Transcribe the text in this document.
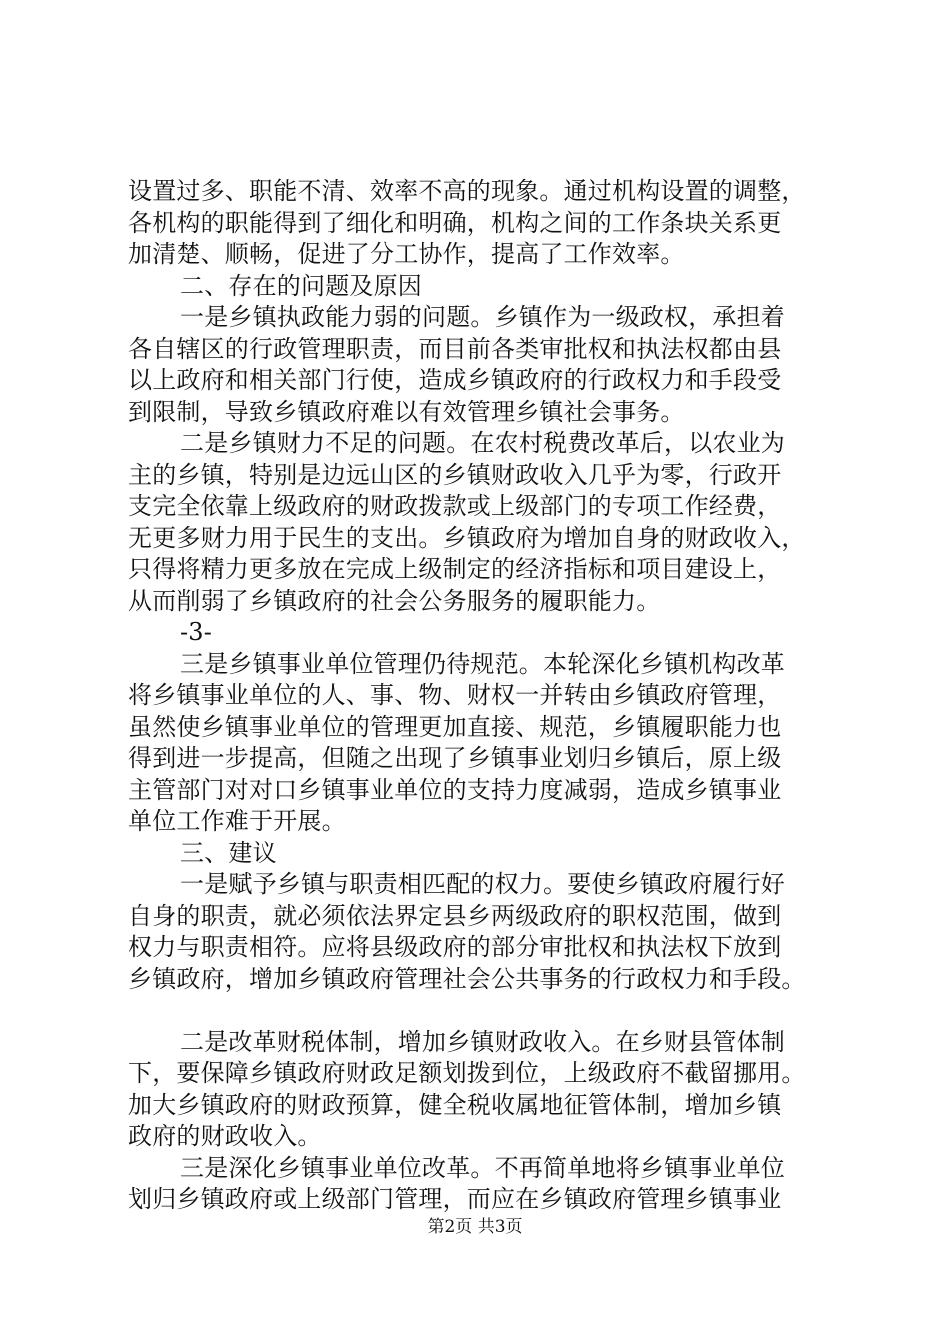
设置过多、职能不清、效率不高的现象。通过机构设置的调整，
各机构的职能得到了细化和明确，机构之间的工作条块关系更
加清楚、顺畅，促进了分工协作，提高了工作效率。
二、存在的问题及原因
一是乡镇执政能力弱的问题。乡镇作为一级政权，承担着
各自辖区的行政管理职责，而目前各类审批权和执法权都由县
以上政府和相关部门行使，造成乡镇政府的行政权力和手段受
到限制，导致乡镇政府难以有效管理乡镇社会事务。
二是乡镇财力不足的问题。在农村税费改革后，以农业为
主的乡镇，特别是边远山区的乡镇财政收入几乎为零，行政开
支完全依靠上级政府的财政拨款或上级部门的专项工作经费，
无更多财力用于民生的支出。乡镇政府为增加自身的财政收入，
只得将精力更多放在完成上级制定的经济指标和项目建设上，
从而削弱了乡镇政府的社会公务服务的履职能力。
-3-
三是乡镇事业单位管理仍待规范。本轮深化乡镇机构改革
将乡镇事业单位的人、事、物、财权一并转由乡镇政府管理，
虽然使乡镇事业单位的管理更加直接、规范，乡镇履职能力也
得到进一步提高，但随之出现了乡镇事业划归乡镇后，原上级
主管部门对对口乡镇事业单位的支持力度减弱，造成乡镇事业
单位工作难于开展。
三、建议
一是赋予乡镇与职责相匹配的权力。要使乡镇政府履行好
自身的职责，就必须依法界定县乡两级政府的职权范围，做到
权力与职责相符。应将县级政府的部分审批权和执法权下放到
乡镇政府，增加乡镇政府管理社会公共事务的行政权力和手段。
二是改革财税体制，增加乡镇财政收入。在乡财县管体制
下，要保障乡镇政府财政足额划拨到位，上级政府不截留挪用。
加大乡镇政府的财政预算，健全税收属地征管体制，增加乡镇
政府的财政收入。
三是深化乡镇事业单位改革。不再简单地将乡镇事业单位
划归乡镇政府或上级部门管理，而应在乡镇政府管理乡镇事业
第2页 共3页
